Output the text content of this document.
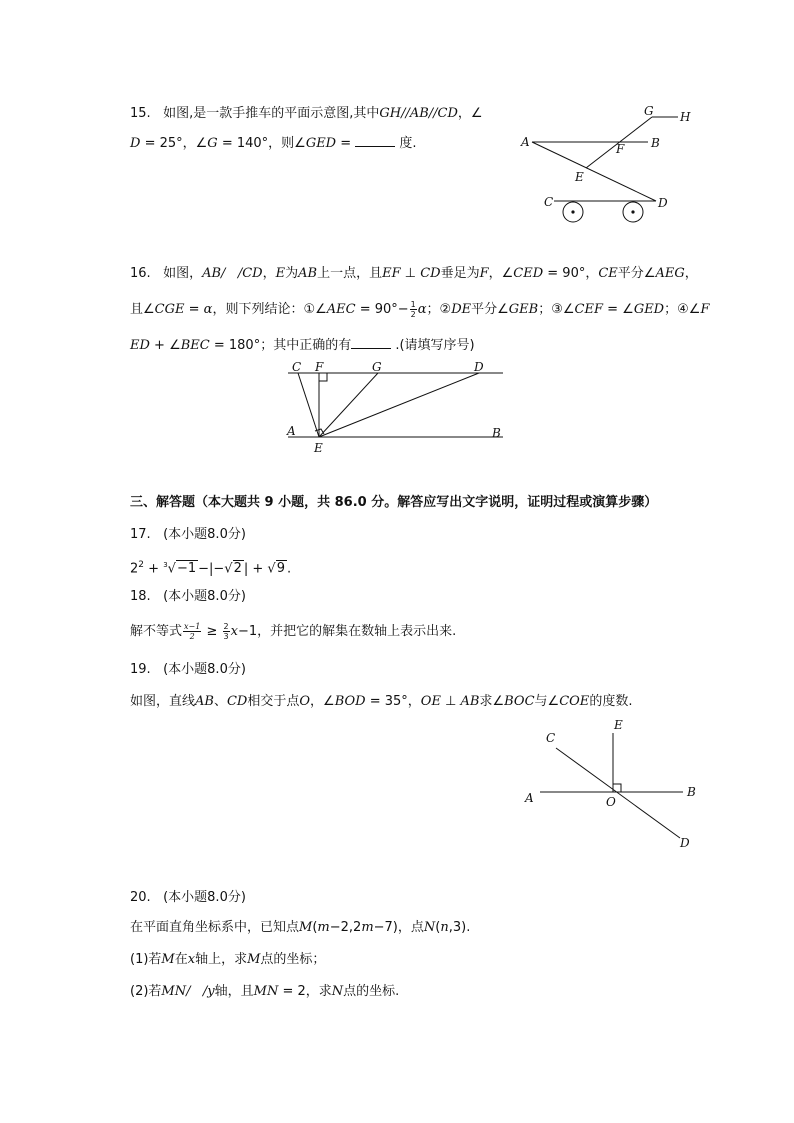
15. 如图,是一款手推车的平面示意图,其中GH//AB//CD，∠
D = 25°，∠G = 140°，则∠GED =	度.
G H
A	B
F
E
C	D
16. 如图，AB/ /CD，E为AB上一点，且EF ⊥ CD垂足为F，∠CED = 90°，CE平分∠AEG，
且∠CGE = α，则下列结论：①∠AEC = $90^\circ- \frac{1}{2}$ α；②DE平分∠GEB；③∠CEF = ∠GED；④∠F
ED + ∠BEC = 180°；其中正确的有	.(请填写序号)
C F	G	D
A
E
B
三、解答题（本大题共 9 小题，共 86.0 分。解答应写出文字说明，证明过程或演算步骤）
17. (本小题8.0分)
$2^2 + ^3√-1 -|-√2$ | + √9 .
18. (本小题8.0分)
解不等式 $\frac{x-1}{2} \ge \frac{2}{3} x-1$，并把它的解集在数轴上表示出来.
19. (本小题8.0分)
如图，直线AB、CD相交于点O，∠BOD = 35°，OE ⊥ AB求∠BOC与∠COE的度数.
C
E
A	O
B
D
20. (本小题8.0分)
在平面直角坐标系中，已知点M(m−2,2m−7)，点N(n,3).
(1)若M在x轴上，求M点的坐标；
(2)若MN/ /y轴，且MN = 2，求N点的坐标.
